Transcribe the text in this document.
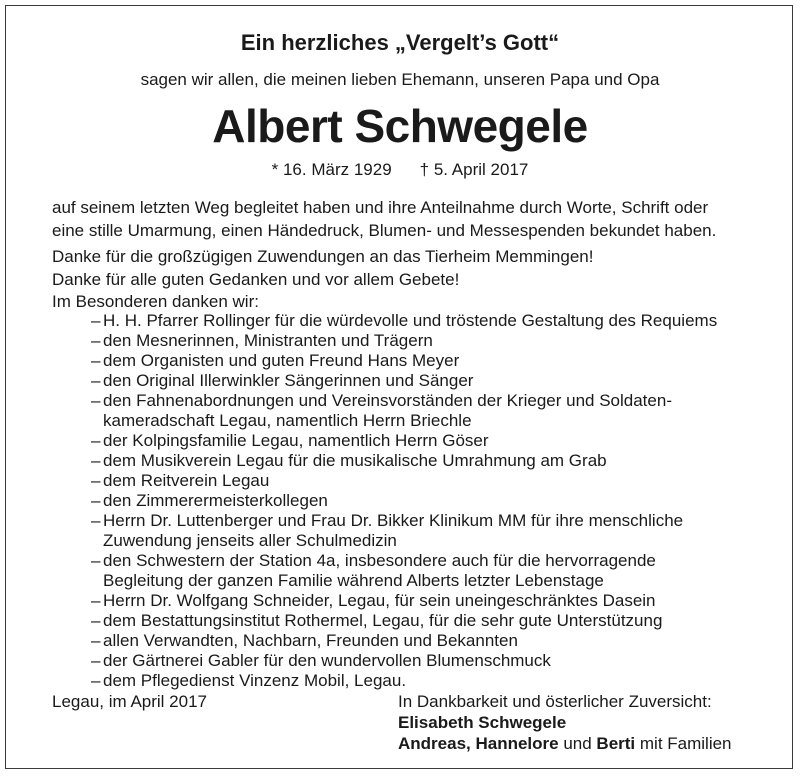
Ein herzliches „Vergelt’s Gott“
sagen wir allen, die meinen lieben Ehemann, unseren Papa und Opa
Albert Schwegele
* 16. März 1929 † 5. April 2017
auf seinem letzten Weg begleitet haben und ihre Anteilnahme durch Worte, Schrift oder
eine stille Umarmung, einen Händedruck, Blumen- und Messespenden bekundet haben.
Danke für die großzügigen Zuwendungen an das Tierheim Memmingen!
Danke für alle guten Gedanken und vor allem Gebete!
Im Besonderen danken wir:
–
H. H. Pfarrer Rollinger für die würdevolle und tröstende Gestaltung des Requiems
–
den Mesnerinnen, Ministranten und Trägern
–
dem Organisten und guten Freund Hans Meyer
–
den Original Illerwinkler Sängerinnen und Sänger
–
den Fahnenabordnungen und Vereinsvorständen der Krieger und Soldaten-
kameradschaft Legau, namentlich Herrn Briechle
–
der Kolpingsfamilie Legau, namentlich Herrn Göser
–
dem Musikverein Legau für die musikalische Umrahmung am Grab
–
dem Reitverein Legau
–
den Zimmerermeisterkollegen
–
Herrn Dr. Luttenberger und Frau Dr. Bikker Klinikum MM für ihre menschliche
Zuwendung jenseits aller Schulmedizin
–
den Schwestern der Station 4a, insbesondere auch für die hervorragende
Begleitung der ganzen Familie während Alberts letzter Lebenstage
–
Herrn Dr. Wolfgang Schneider, Legau, für sein uneingeschränktes Dasein
–
dem Bestattungsinstitut Rothermel, Legau, für die sehr gute Unterstützung
–
allen Verwandten, Nachbarn, Freunden und Bekannten
–
der Gärtnerei Gabler für den wundervollen Blumenschmuck
–
dem Pflegedienst Vinzenz Mobil, Legau.
Legau, im April 2017	In Dankbarkeit und österlicher Zuversicht:
Elisabeth Schwegele
Andreas, Hannelore und Berti mit Familien
